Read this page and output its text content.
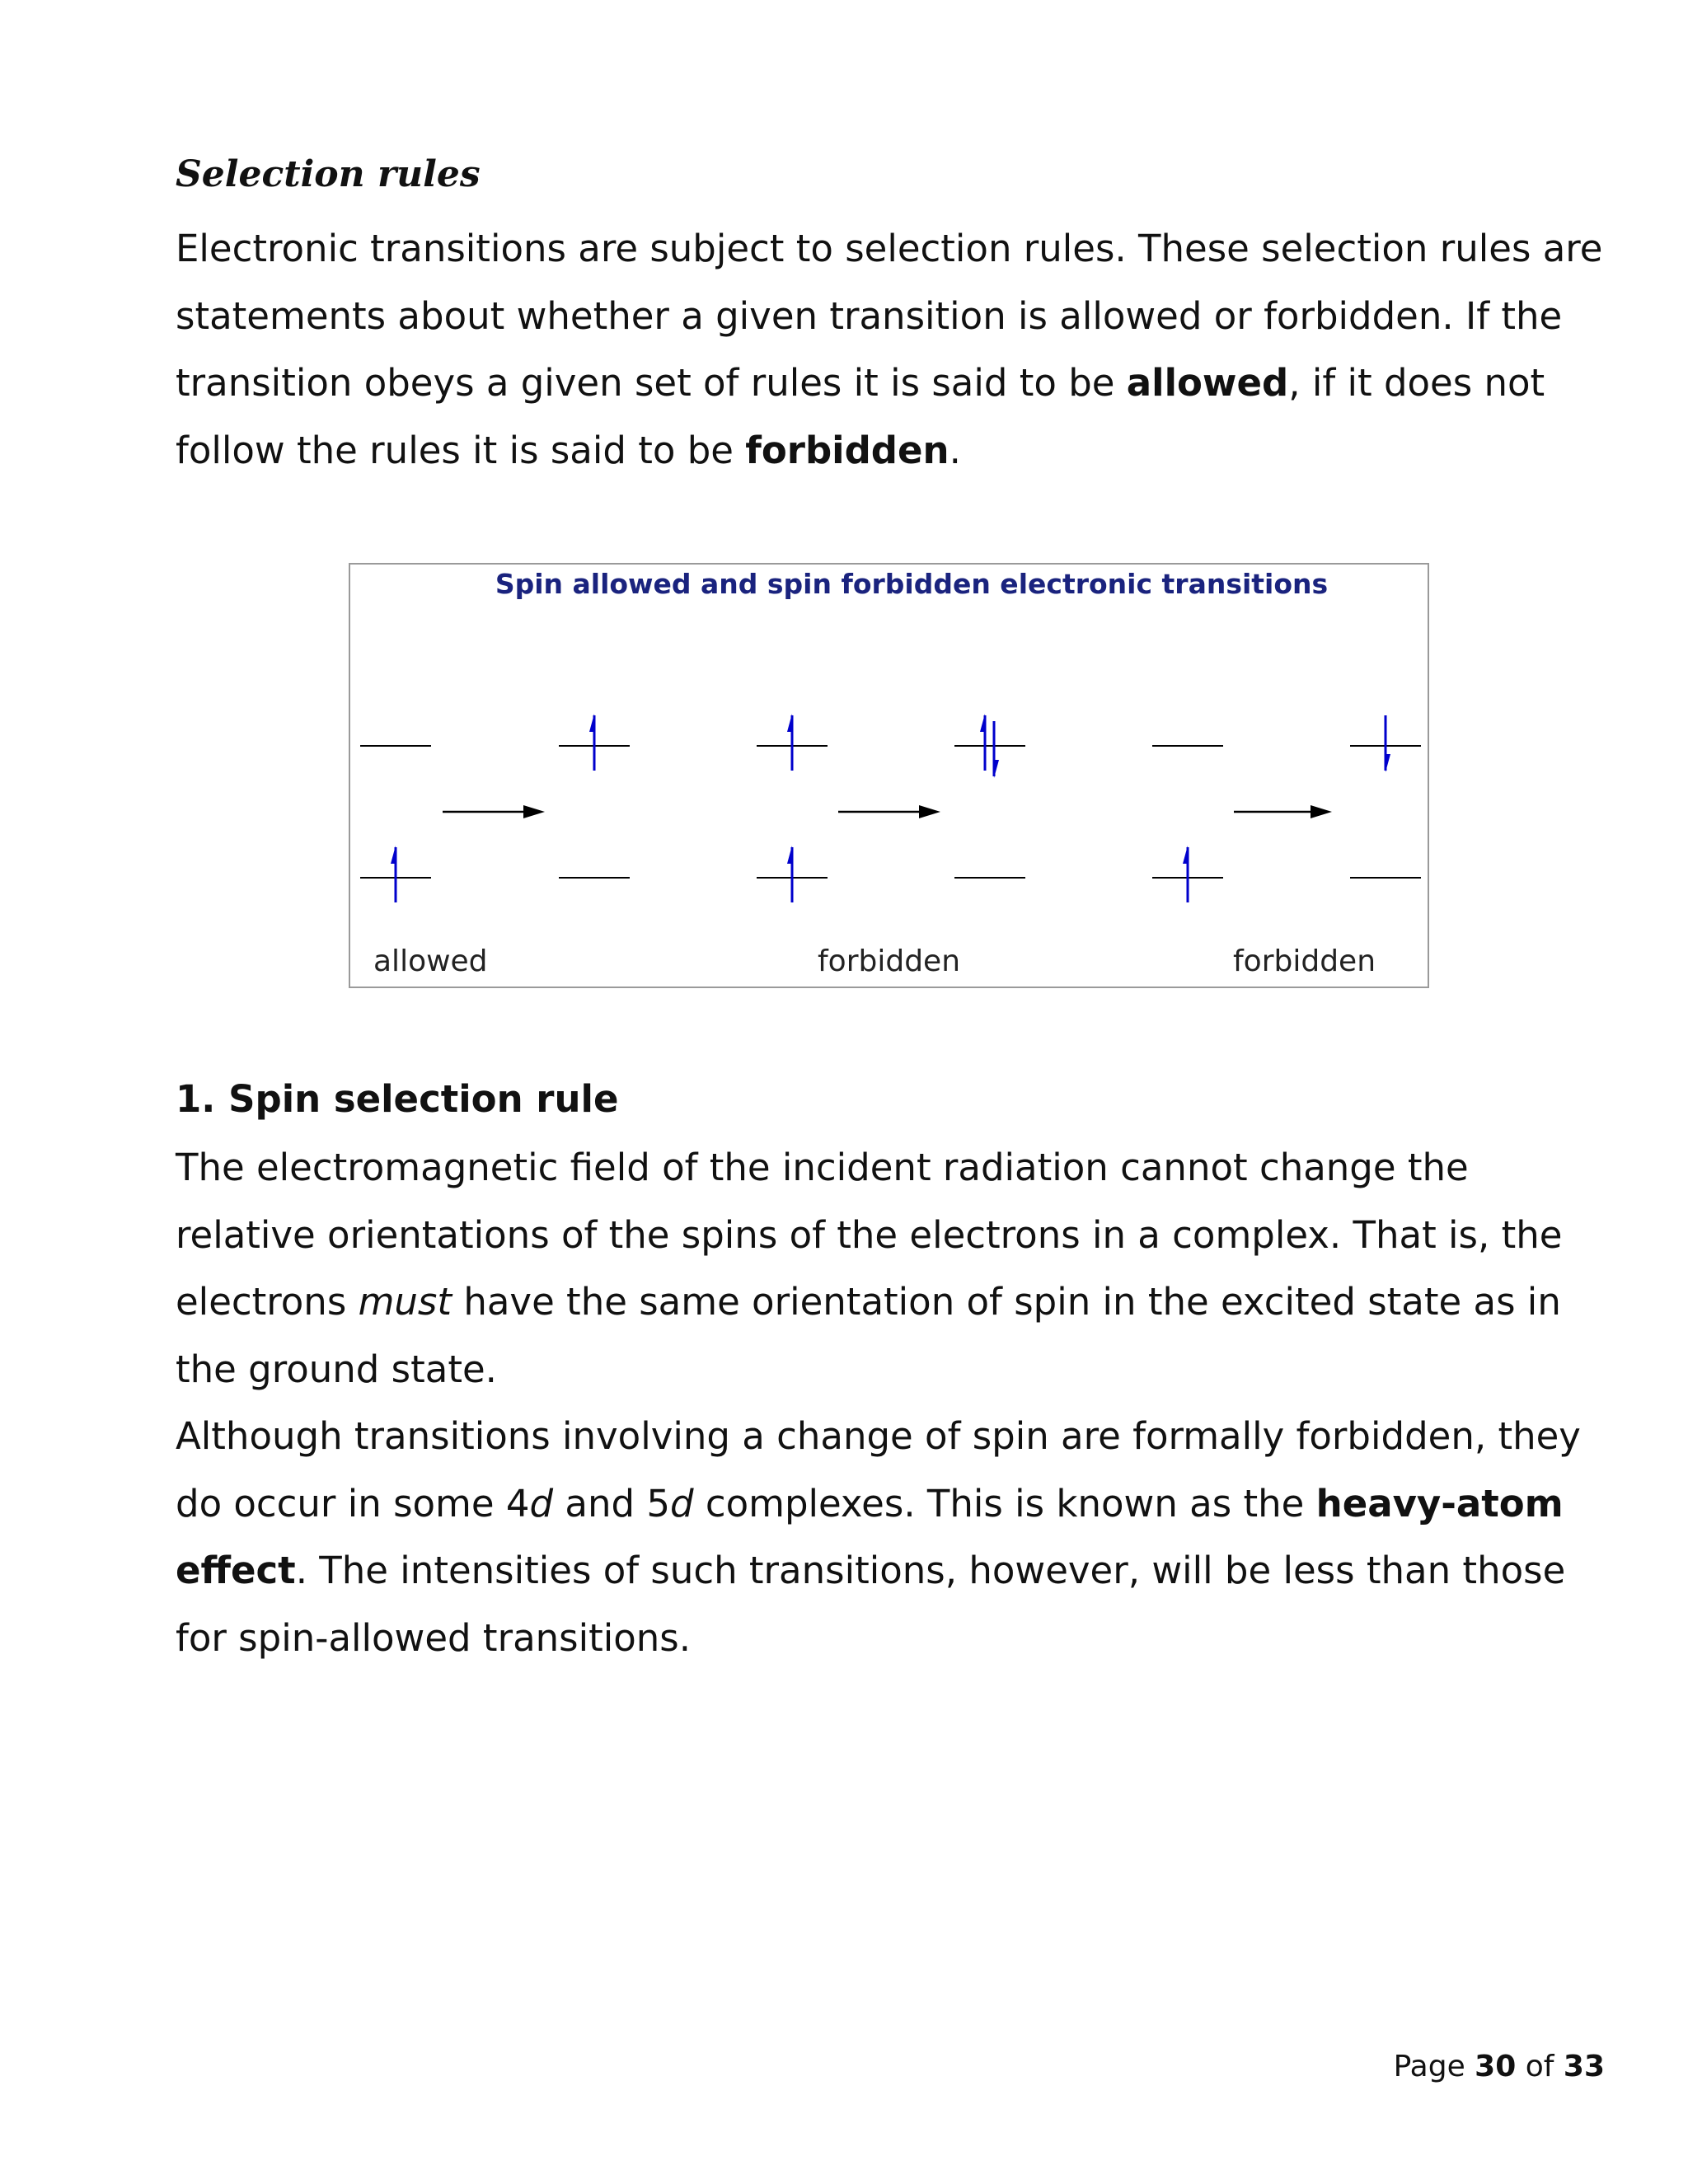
Selection rules

Electronic transitions are subject to selection rules. These selection rules are statements about whether a given transition is allowed or forbidden. If the transition obeys a given set of rules it is said to be allowed, if it does not follow the rules it is said to be forbidden.

Spin allowed and spin forbidden electronic transitions
allowed	forbidden	forbidden
1. Spin selection rule

The electromagnetic field of the incident radiation cannot change the relative orientations of the spins of the electrons in a complex. That is, the electrons must have the same orientation of spin in the excited state as in the ground state.

Although transitions involving a change of spin are formally forbidden, they do occur in some 4d and 5d complexes. This is known as the heavy-atom effect. The intensities of such transitions, however, will be less than those for spin-allowed transitions.

Page 30 of 33
